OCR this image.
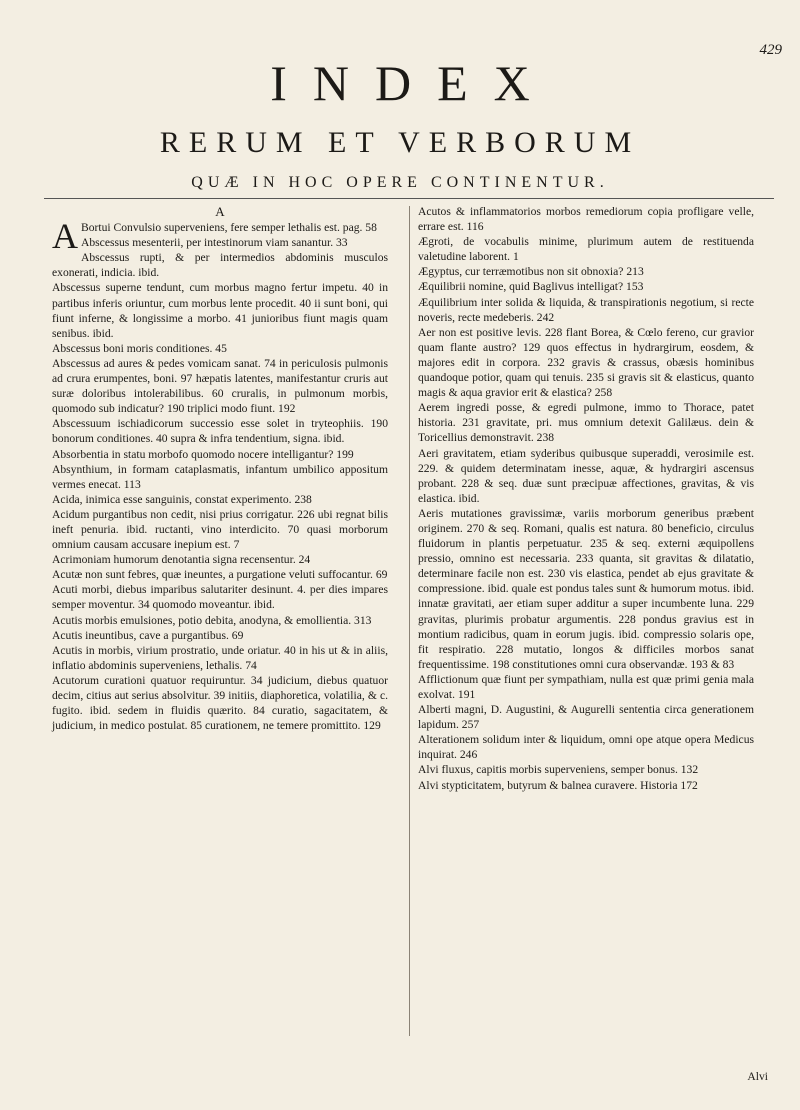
429
INDEX
RERUM ET VERBORUM
QUÆ IN HOC OPERE CONTINENTUR.
A

ABortui Convulsio superveniens, fere semper lethalis est. pag. 58

Abscessus mesenterii, per intestinorum viam sanantur. 33

Abscessus rupti, & per intermedios abdominis musculos exonerati, indicia. ibid.

Abscessus superne tendunt, cum morbus magno fertur impetu. 40 in partibus inferis oriuntur, cum morbus lente procedit. 40 ii sunt boni, qui fiunt inferne, & longissime a morbo. 41 junioribus fiunt magis quam senibus. ibid.

Abscessus boni moris conditiones. 45

Abscessus ad aures & pedes vomicam sanat. 74 in periculosis pulmonis ad crura erumpentes, boni. 97 hæpatis latentes, manifestantur cruris aut suræ doloribus intolerabilibus. 60 cruralis, in pulmonum morbis, quomodo sub indicatur? 190 triplici modo fiunt. 192

Abscessuum ischiadicorum successio esse solet in tryteophiis. 190 bonorum conditiones. 40 supra & infra tendentium, signa. ibid.

Absorbentia in statu morbofo quomodo nocere intelligantur? 199

Absynthium, in formam cataplasmatis, infantum umbilico appositum vermes enecat. 113

Acida, inimica esse sanguinis, constat experimento. 238

Acidum purgantibus non cedit, nisi prius corrigatur. 226 ubi regnat bilis ineft penuria. ibid. ructanti, vino interdicito. 70 quasi morborum omnium causam accusare inepium est. 7

Acrimoniam humorum denotantia signa recensentur. 24

Acutæ non sunt febres, quæ ineuntes, a purgatione veluti suffocantur. 69

Acuti morbi, diebus imparibus salutariter desinunt. 4. per dies impares semper moventur. 34 quomodo moveantur. ibid.

Acutis morbis emulsiones, potio debita, anodyna, & emollientia. 313

Acutis ineuntibus, cave a purgantibus. 69

Acutis in morbis, virium prostratio, unde oriatur. 40 in his ut & in aliis, inflatio abdominis superveniens, lethalis. 74

Acutorum curationi quatuor requiruntur. 34 judicium, diebus quatuor decim, citius aut serius absolvitur. 39 initiis, diaphoretica, volatilia, & c. fugito. ibid. sedem in fluidis quærito. 84 curatio, sagacitatem, & judicium, in medico postulat. 85 curationem, ne temere promittito. 129

Acutos & inflammatorios morbos remediorum copia profligare velle, errare est. 116

Ægroti, de vocabulis minime, plurimum autem de restituenda valetudine laborent. 1

Ægyptus, cur terræmotibus non sit obnoxia? 213

Æquilibrii nomine, quid Baglivus intelligat? 153

Æquilibrium inter solida & liquida, & transpirationis negotium, si recte noveris, recte medeberis. 242

Aer non est positive levis. 228 flant Borea, & Cœlo fereno, cur gravior quam flante austro? 129 quos effectus in hydrargirum, eosdem, & majores edit in corpora. 232 gravis & crassus, obæsis hominibus quandoque potior, quam qui tenuis. 235 si gravis sit & elasticus, quanto magis & aqua gravior erit & elastica? 258

Aerem ingredi posse, & egredi pulmone, immo to Thorace, patet historia. 231 gravitate, pri. mus omnium detexit Galilæus. dein & Toricellius demonstravit. 238

Aeri gravitatem, etiam syderibus quibusque superaddi, verosimile est. 229. & quidem determinatam inesse, aquæ, & hydrargiri ascensus probant. 228 & seq. duæ sunt præcipuæ affectiones, gravitas, & vis elastica. ibid.

Aeris mutationes gravissimæ, variis morborum generibus præbent originem. 270 & seq. Romani, qualis est natura. 80 beneficio, circulus fluidorum in plantis perpetuatur. 235 & seq. externi æquipollens pressio, omnino est necessaria. 233 quanta, sit gravitas & dilatatio, determinare facile non est. 230 vis elastica, pendet ab ejus gravitate & compressione. ibid. quale est pondus tales sunt & humorum motus. ibid. innatæ gravitati, aer etiam super additur a super incumbente luna. 229 gravitas, plurimis probatur argumentis. 228 pondus gravius est in montium radicibus, quam in eorum jugis. ibid. compressio solaris ope, fit respiratio. 228 mutatio, longos & difficiles morbos sanat frequentissime. 198 constitutiones omni cura observandæ. 193 & 83

Afflictionum quæ fiunt per sympathiam, nulla est quæ primi genia mala exolvat. 191

Alberti magni, D. Augustini, & Augurelli sententia circa generationem lapidum. 257

Alterationem solidum inter & liquidum, omni ope atque opera Medicus inquirat. 246

Alvi fluxus, capitis morbis superveniens, semper bonus. 132

Alvi stypticitatem, butyrum & balnea curavere. Historia 172

Alvi
